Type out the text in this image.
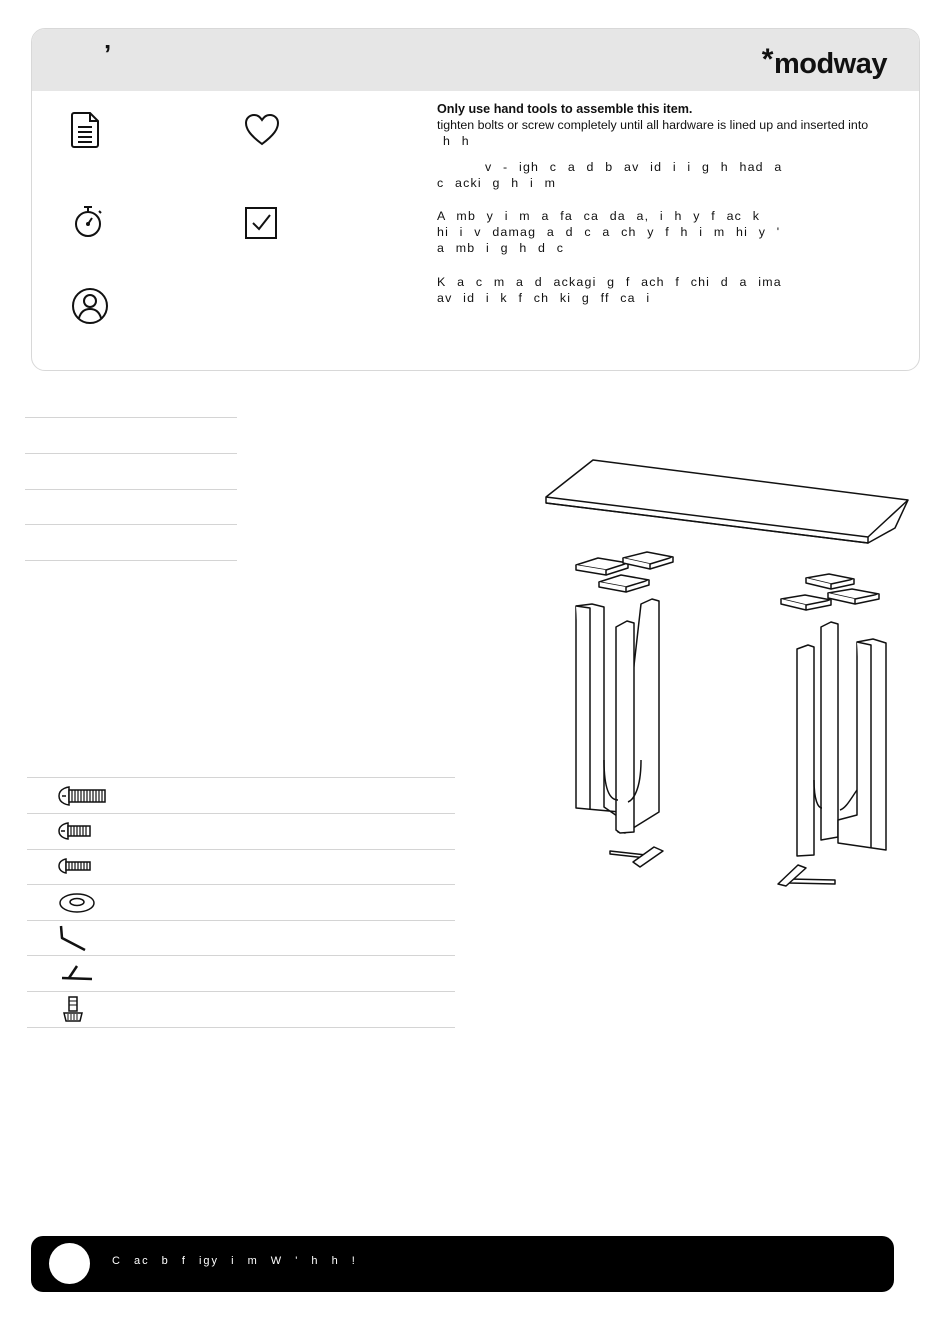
’	*modway

Only use hand tools to assemble this item.

tighten bolts or screw completely until all hardware is lined up and inserted into

h h

v - igh c a d b av id i i g h had a

c acki g h i m

A mb y i m a fa ca da a, i h y f ac k

hi i v damag a d c a ch y f h i m hi y '

a mb i g h d c

K a c m a d ackagi g f ach f chi d a ima

av id i k f ch ki g ff ca i

C ac b f igy i m W ' h h !
